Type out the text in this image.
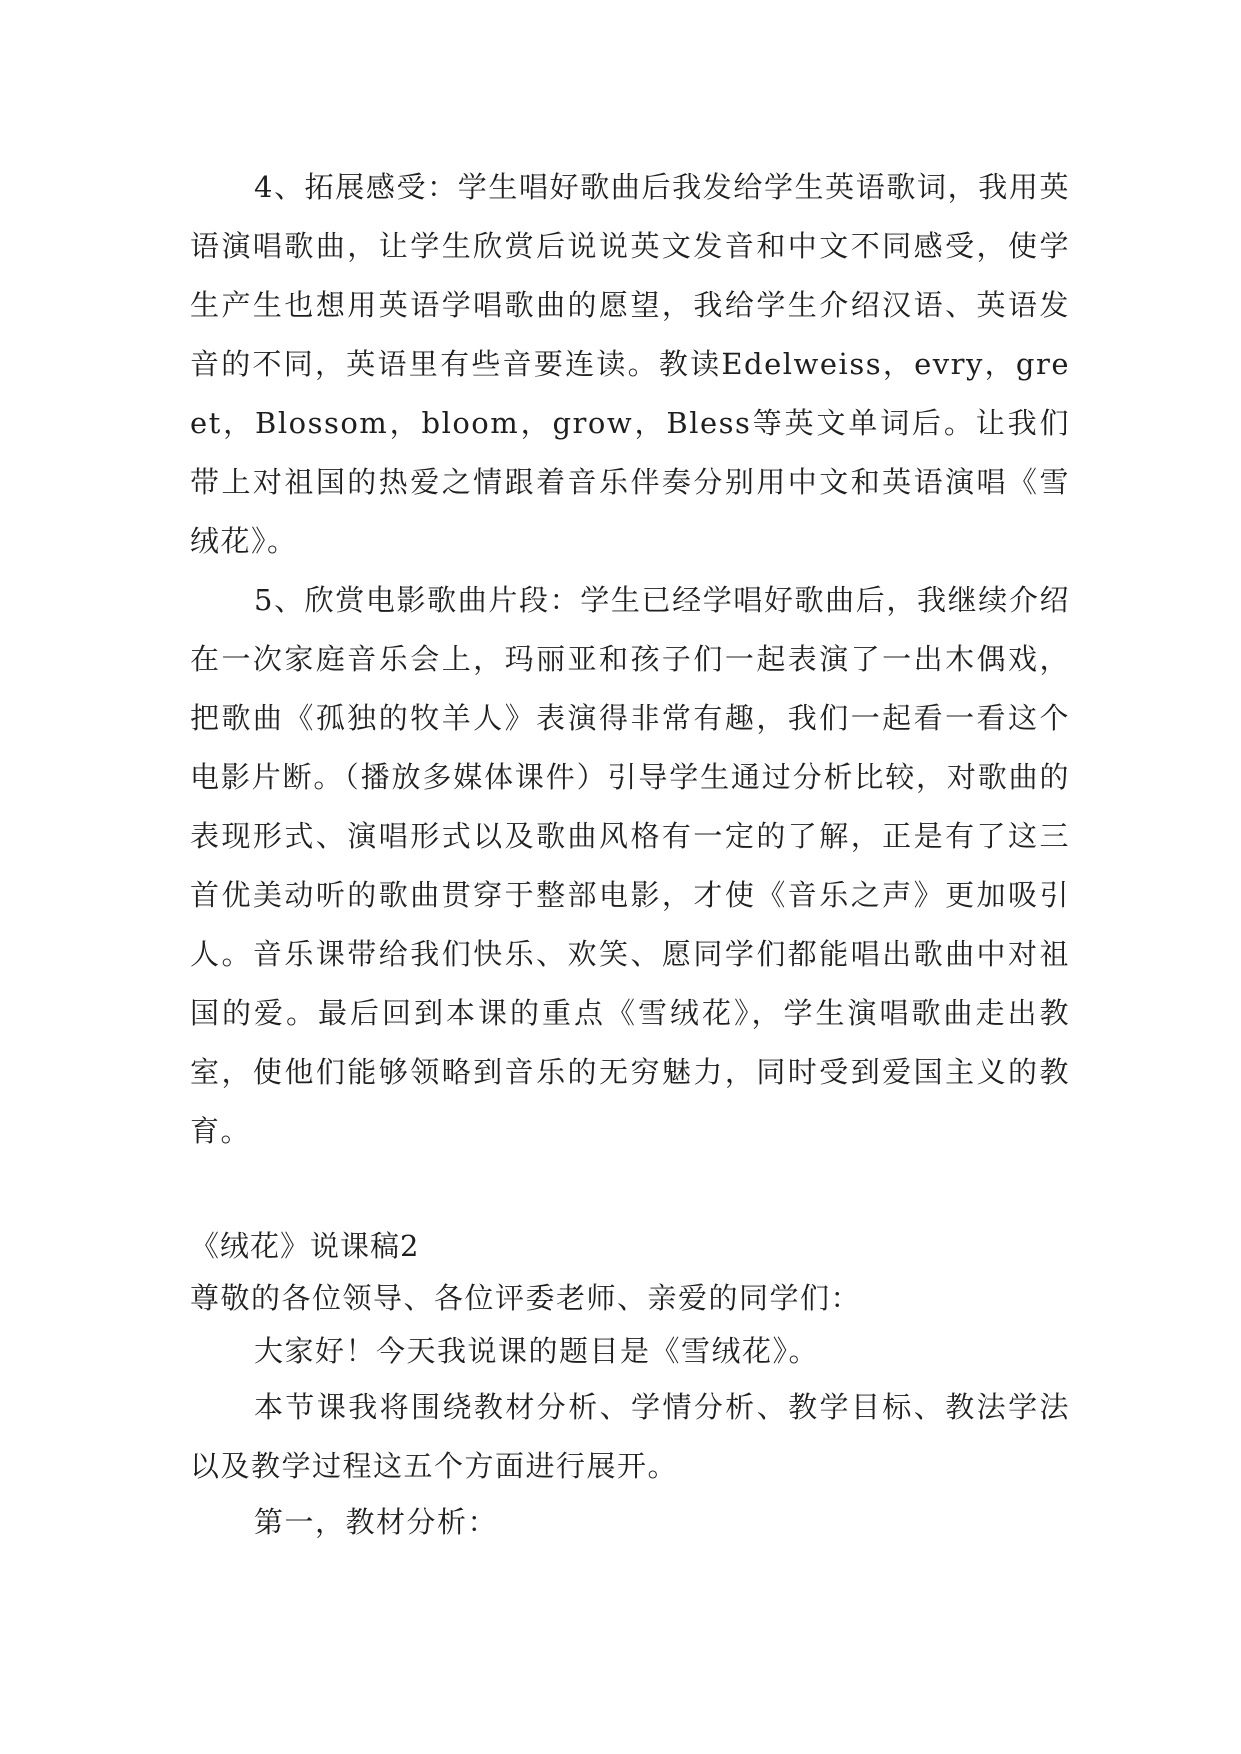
4、拓展感受：学生唱好歌曲后我发给学生英语歌词，我用英语演唱歌曲，让学生欣赏后说说英文发音和中文不同感受，使学生产生也想用英语学唱歌曲的愿望，我给学生介绍汉语、英语发音的不同，英语里有些音要连读。教读Edelweiss，evry，greet，Blossom，bloom，grow，Bless等英文单词后。让我们带上对祖国的热爱之情跟着音乐伴奏分别用中文和英语演唱《雪绒花》。

5、欣赏电影歌曲片段：学生已经学唱好歌曲后，我继续介绍在一次家庭音乐会上，玛丽亚和孩子们一起表演了一出木偶戏，把歌曲《孤独的牧羊人》表演得非常有趣，我们一起看一看这个电影片断。（播放多媒体课件）引导学生通过分析比较，对歌曲的表现形式、演唱形式以及歌曲风格有一定的了解，正是有了这三首优美动听的歌曲贯穿于整部电影，才使《音乐之声》更加吸引人。音乐课带给我们快乐、欢笑、愿同学们都能唱出歌曲中对祖国的爱。最后回到本课的重点《雪绒花》，学生演唱歌曲走出教室，使他们能够领略到音乐的无穷魅力，同时受到爱国主义的教育。

《绒花》说课稿2

尊敬的各位领导、各位评委老师、亲爱的同学们：

大家好！今天我说课的题目是《雪绒花》。

本节课我将围绕教材分析、学情分析、教学目标、教法学法以及教学过程这五个方面进行展开。

第一，教材分析：
